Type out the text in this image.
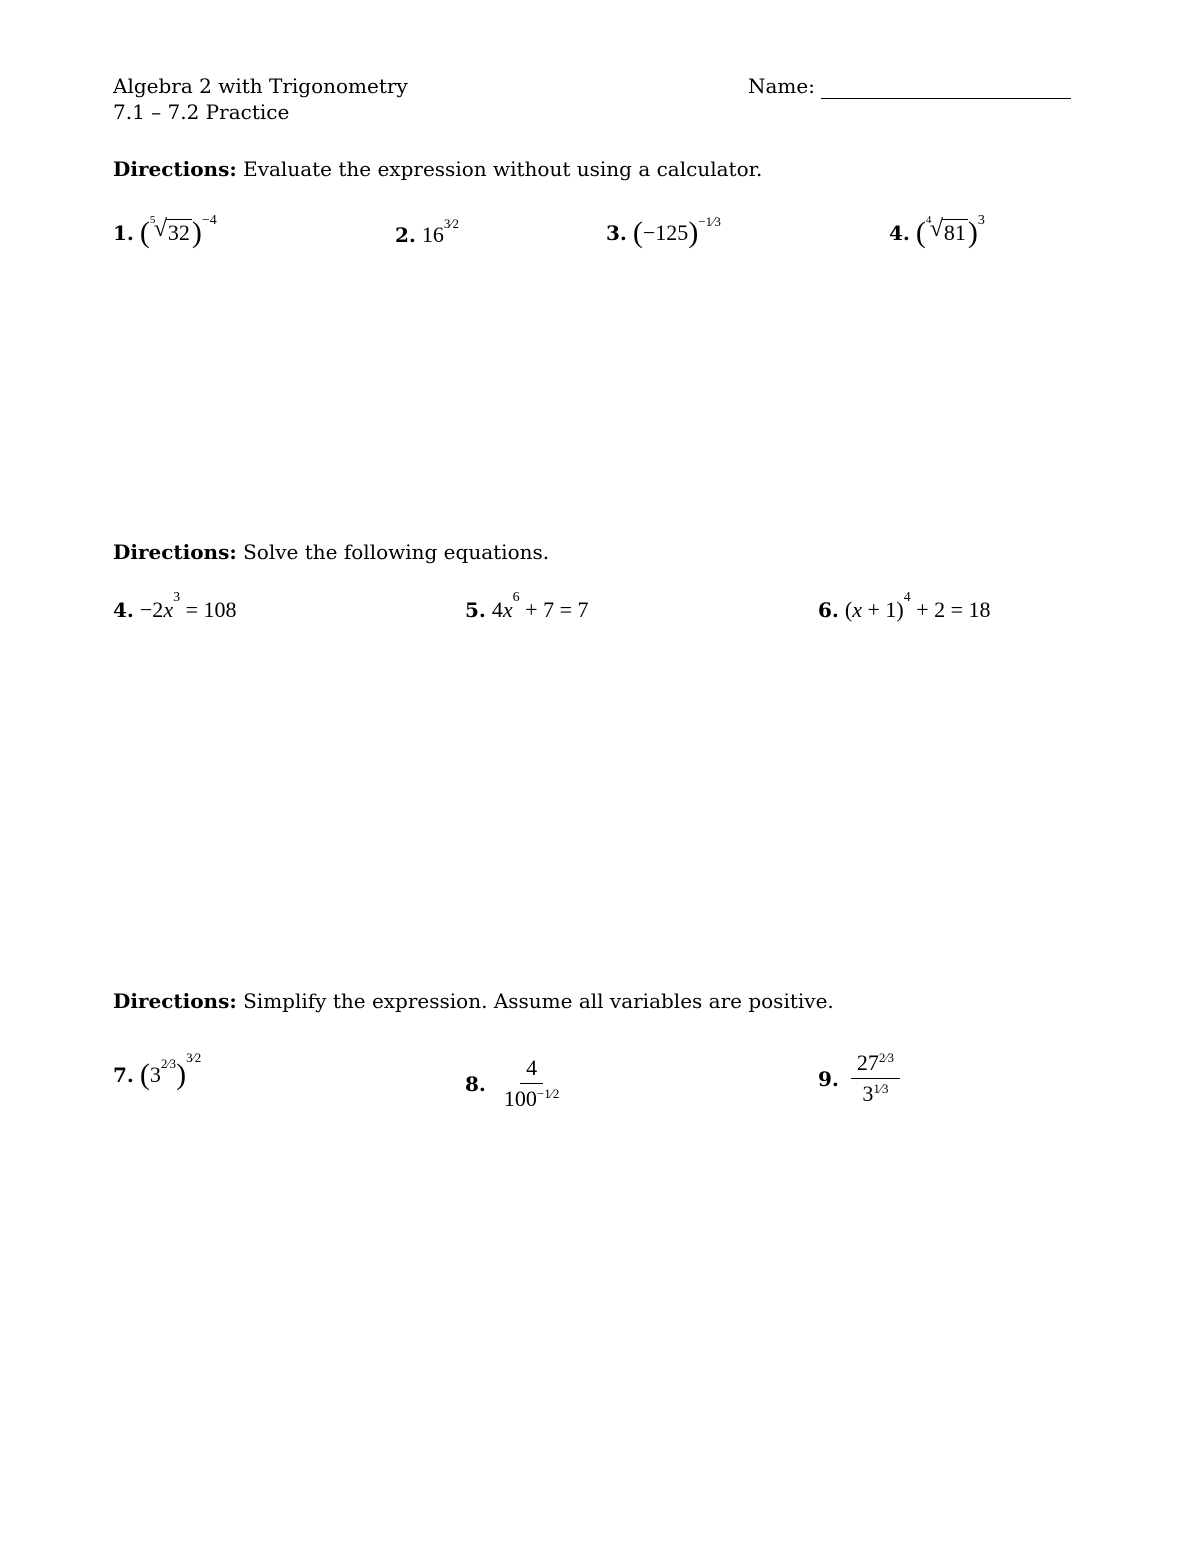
Algebra 2 with Trigonometry
7.1 – 7.2 Practice
Name:
Directions: Evaluate the expression without using a calculator.
1. ( 5
√ 32 ) −4
2. 16 3⁄2	3. ( −125 ) −1⁄3	4. ( 4
√ 81 ) 3
Directions: Solve the following equations.
4. −2 x 3 = 108	5. 4 x 6 + 7 = 7	6. ( x + 1) 4 + 2 = 18
Directions: Simplify the expression. Assume all variables are positive.
7. ( 3 2⁄3 )
3⁄2
8. $\frac{4}{100-1⁄2}$	9. $\frac{272⁄3}{31⁄3}$
